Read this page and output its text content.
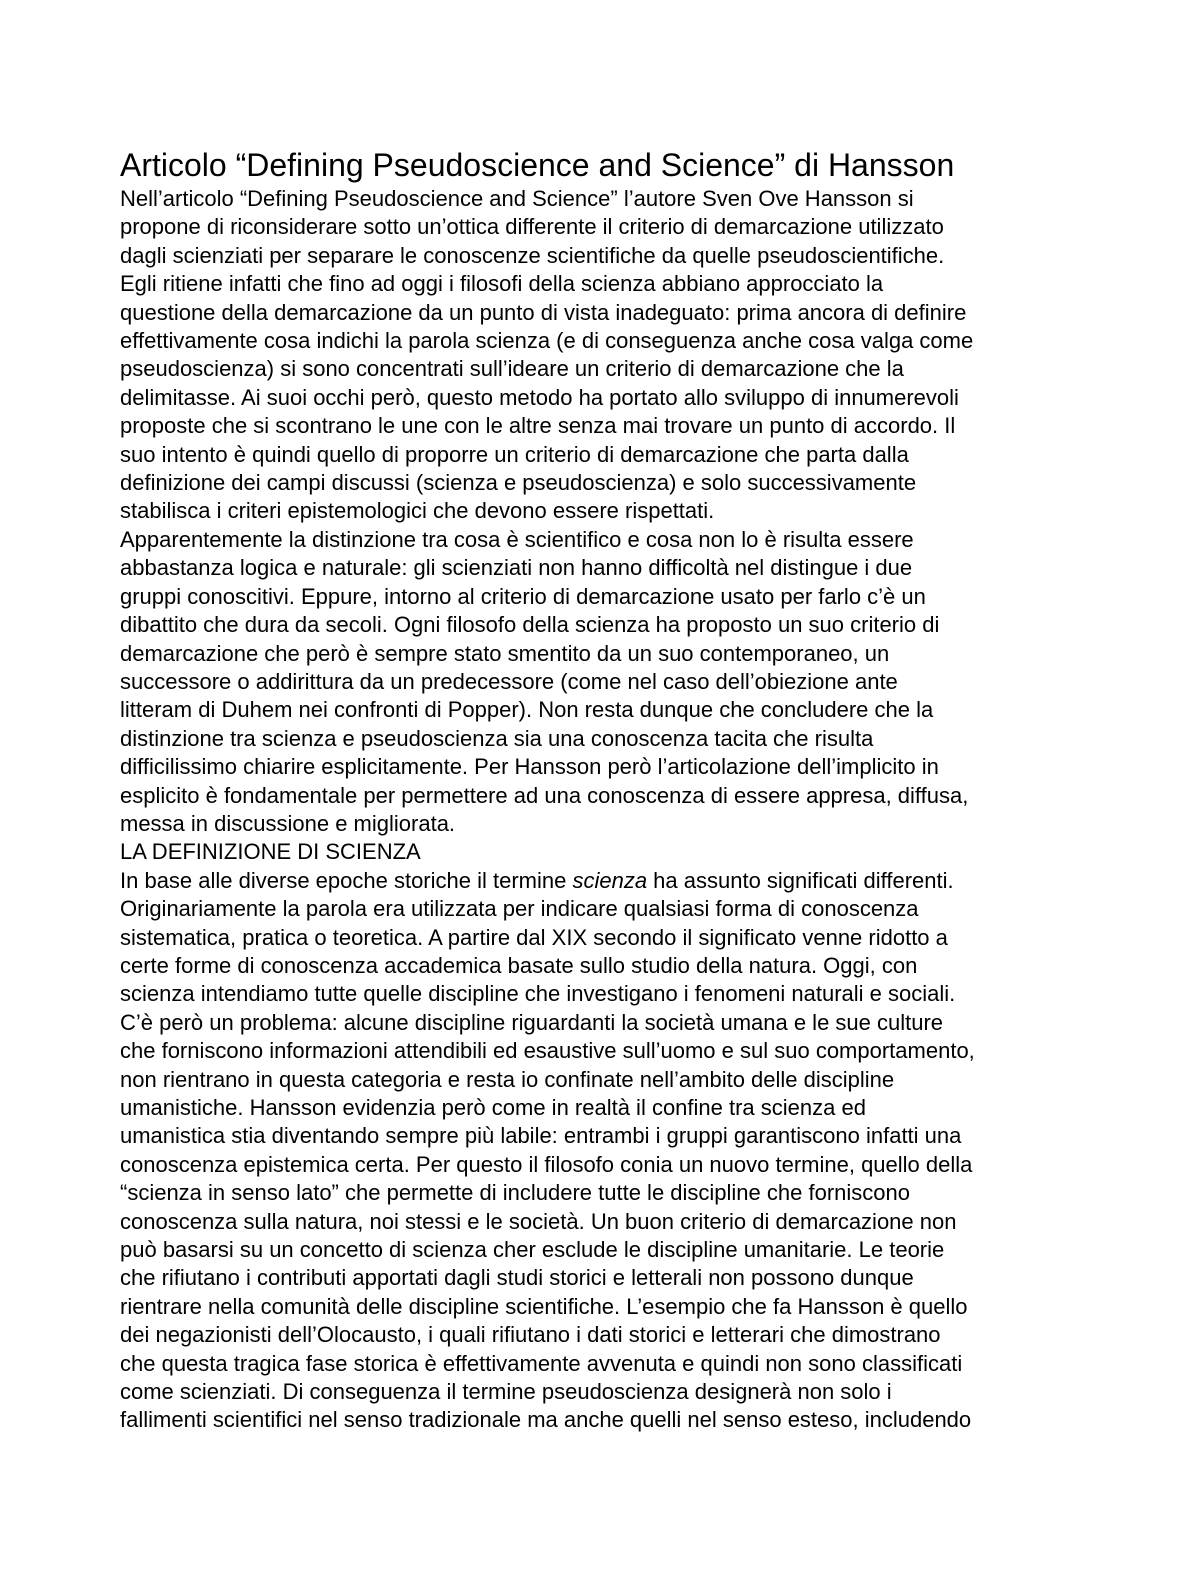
Articolo “Defining Pseudoscience and Science” di Hansson

Nell’articolo “Defining Pseudoscience and Science” l’autore Sven Ove Hansson si
propone di riconsiderare sotto un’ottica differente il criterio di demarcazione utilizzato
dagli scienziati per separare le conoscenze scientifiche da quelle pseudoscientifiche.
Egli ritiene infatti che fino ad oggi i filosofi della scienza abbiano approcciato la
questione della demarcazione da un punto di vista inadeguato: prima ancora di definire
effettivamente cosa indichi la parola scienza (e di conseguenza anche cosa valga come
pseudoscienza) si sono concentrati sull’ideare un criterio di demarcazione che la
delimitasse. Ai suoi occhi però, questo metodo ha portato allo sviluppo di innumerevoli
proposte che si scontrano le une con le altre senza mai trovare un punto di accordo. Il
suo intento è quindi quello di proporre un criterio di demarcazione che parta dalla
definizione dei campi discussi (scienza e pseudoscienza) e solo successivamente
stabilisca i criteri epistemologici che devono essere rispettati.

Apparentemente la distinzione tra cosa è scientifico e cosa non lo è risulta essere
abbastanza logica e naturale: gli scienziati non hanno difficoltà nel distingue i due
gruppi conoscitivi. Eppure, intorno al criterio di demarcazione usato per farlo c’è un
dibattito che dura da secoli. Ogni filosofo della scienza ha proposto un suo criterio di
demarcazione che però è sempre stato smentito da un suo contemporaneo, un
successore o addirittura da un predecessore (come nel caso dell’obiezione ante
litteram di Duhem nei confronti di Popper). Non resta dunque che concludere che la
distinzione tra scienza e pseudoscienza sia una conoscenza tacita che risulta
difficilissimo chiarire esplicitamente. Per Hansson però l’articolazione dell’implicito in
esplicito è fondamentale per permettere ad una conoscenza di essere appresa, diffusa,
messa in discussione e migliorata.

LA DEFINIZIONE DI SCIENZA

In base alle diverse epoche storiche il termine scienza ha assunto significati differenti.
Originariamente la parola era utilizzata per indicare qualsiasi forma di conoscenza
sistematica, pratica o teoretica. A partire dal XIX secondo il significato venne ridotto a
certe forme di conoscenza accademica basate sullo studio della natura. Oggi, con
scienza intendiamo tutte quelle discipline che investigano i fenomeni naturali e sociali.
C’è però un problema: alcune discipline riguardanti la società umana e le sue culture
che forniscono informazioni attendibili ed esaustive sull’uomo e sul suo comportamento,
non rientrano in questa categoria e resta io confinate nell’ambito delle discipline
umanistiche. Hansson evidenzia però come in realtà il confine tra scienza ed
umanistica stia diventando sempre più labile: entrambi i gruppi garantiscono infatti una
conoscenza epistemica certa. Per questo il filosofo conia un nuovo termine, quello della
“scienza in senso lato” che permette di includere tutte le discipline che forniscono
conoscenza sulla natura, noi stessi e le società. Un buon criterio di demarcazione non
può basarsi su un concetto di scienza cher esclude le discipline umanitarie. Le teorie
che rifiutano i contributi apportati dagli studi storici e letterali non possono dunque
rientrare nella comunità delle discipline scientifiche. L’esempio che fa Hansson è quello
dei negazionisti dell’Olocausto, i quali rifiutano i dati storici e letterari che dimostrano
che questa tragica fase storica è effettivamente avvenuta e quindi non sono classificati
come scienziati. Di conseguenza il termine pseudoscienza designerà non solo i
fallimenti scientifici nel senso tradizionale ma anche quelli nel senso esteso, includendo
